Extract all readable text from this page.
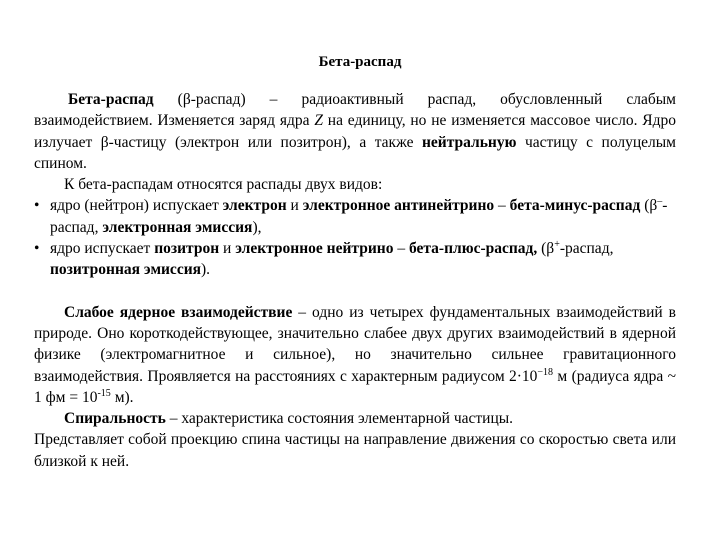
Бета-распад
Бета-распад (β-распад) – радиоактивный распад, обусловленный слабым взаимодействием. Изменяется заряд ядра Z на единицу, но не изменяется массовое число. Ядро излучает β-частицу (электрон или позитрон), а также нейтральную частицу с полуцелым спином.
К бета-распадам относятся распады двух видов:
• ядро (нейтрон) испускает электрон и электронное антинейтрино – бета-минус-распад (β–-распад, электронная эмиссия),
• ядро испускает позитрон и электронное нейтрино – бета-плюс-распад, (β+-распад, позитронная эмиссия).
Слабое ядерное взаимодействие – одно из четырех фундаментальных взаимодействий в природе. Оно короткодействующее, значительно слабее двух других взаимодействий в ядерной физике (электромагнитное и сильное), но значительно сильнее гравитационного взаимодействия. Проявляется на расстояниях с характерным радиусом $2\cdot 10^{-18}$ м (радиуса ядра ~ 1 фм = $10^{-15}$ м).
Спиральность – характеристика состояния элементарной частицы.
Представляет собой проекцию спина частицы на направление движения со скоростью света или близкой к ней.
